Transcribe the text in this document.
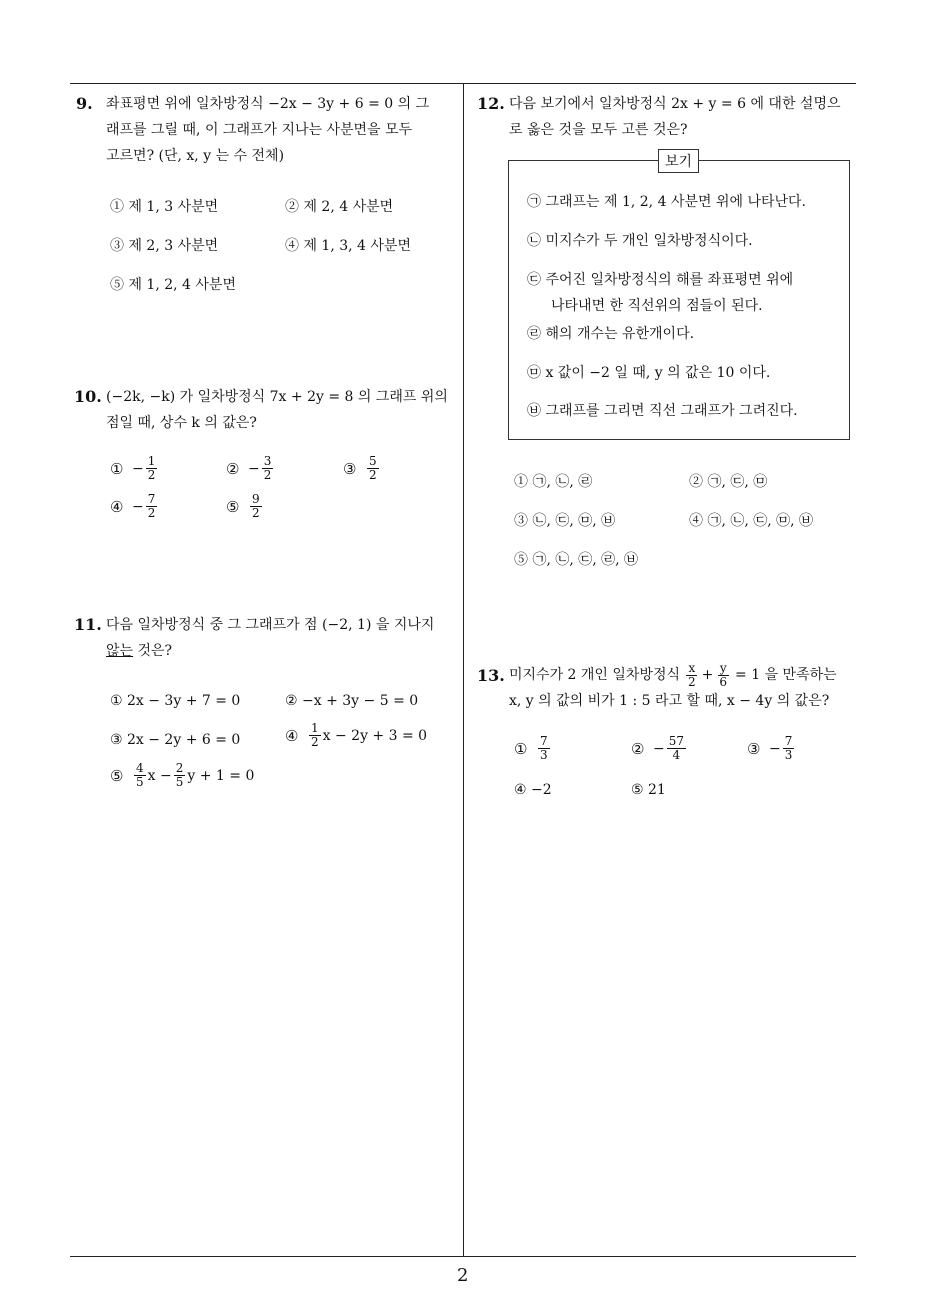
9. 좌표평면 위에 일차방정식 −2x − 3y + 6 = 0 의 그
래프를 그릴 때, 이 그래프가 지나는 사분면을 모두
고르면? (단, x, y 는 수 전체)
① 제 1, 3 사분면	② 제 2, 4 사분면
③ 제 2, 3 사분면	④ 제 1, 3, 4 사분면
⑤ 제 1, 2, 4 사분면
10. (−2k, −k) 가 일차방정식 7x + 2y = 8 의 그래프 위의
점일 때, 상수 k 의 값은?
① − $\frac{1}{2}$	② − $\frac{3}{2}$	③ $\frac{5}{2}$
④ − $\frac{7}{2}$	⑤ $\frac{9}{2}$
11. 다음 일차방정식 중 그 그래프가 점 (−2, 1) 을 지나지
않는 것은?
① 2x − 3y + 7 = 0	② −x + 3y − 5 = 0
③ 2x − 2y + 6 = 0	④ $\frac{1}{2}$ x − 2y + 3 = 0
⑤ $\frac{4}{5}$ $x - \frac{2}{5}$ y + 1 = 0
12. 다음 보기에서 일차방정식 2x + y = 6 에 대한 설명으
로 옳은 것을 모두 고른 것은?
보기
㉠ 그래프는 제 1, 2, 4 사분면 위에 나타난다.
㉡ 미지수가 두 개인 일차방정식이다.
㉢ 주어진 일차방정식의 해를 좌표평면 위에
나타내면 한 직선위의 점들이 된다.
㉣ 해의 개수는 유한개이다.
㉤ x 값이 −2 일 때, y 의 값은 10 이다.
㉥ 그래프를 그리면 직선 그래프가 그려진다.
① ㉠, ㉡, ㉣	② ㉠, ㉢, ㉤
③ ㉡, ㉢, ㉤, ㉥	④ ㉠, ㉡, ㉢, ㉤, ㉥
⑤ ㉠, ㉡, ㉢, ㉣, ㉥
13. 미지수가 2 개인 일차방정식 $\frac{x}{2} + \frac{y}{6} = 1$ 을 만족하는
x, y 의 값의 비가 1 : 5 라고 할 때, x − 4y 의 값은?
① $\frac{7}{3}$	② − $\frac{57}{4}$	③ − $\frac{7}{3}$
④ −2	⑤ 21
2
